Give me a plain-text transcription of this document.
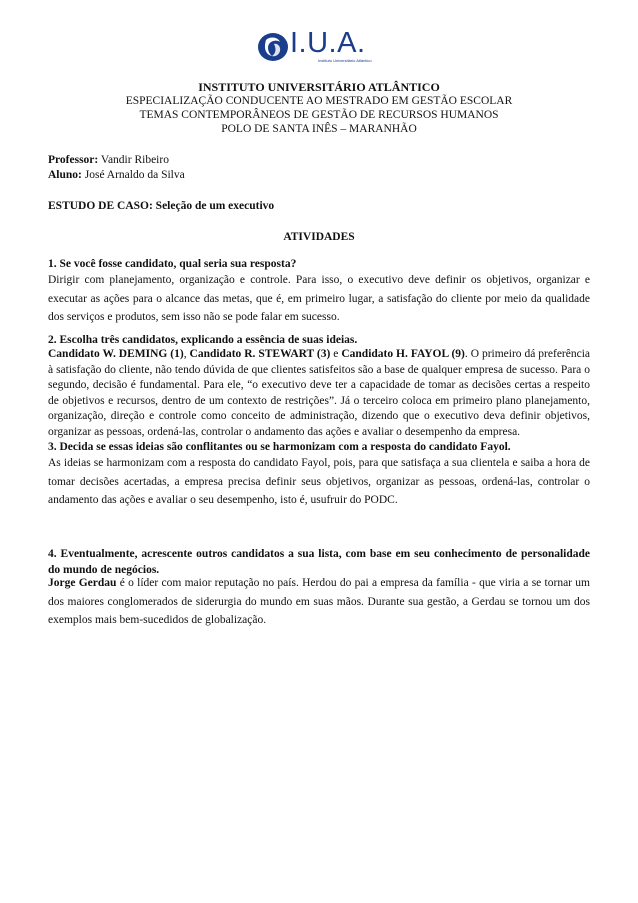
I.U.A.
Instituto Universitário Atlântico
INSTITUTO UNIVERSITÁRIO ATLÂNTICO
ESPECIALIZAÇÃO CONDUCENTE AO MESTRADO EM GESTÃO ESCOLAR
TEMAS CONTEMPORÂNEOS DE GESTÃO DE RECURSOS HUMANOS
POLO DE SANTA INÊS – MARANHÃO
Professor: Vandir Ribeiro
Aluno: José Arnaldo da Silva
ESTUDO DE CASO: Seleção de um executivo
ATIVIDADES
1. Se você fosse candidato, qual seria sua resposta?
Dirigir com planejamento, organização e controle. Para isso, o executivo deve definir os objetivos, organizar e executar as ações para o alcance das metas, que é, em primeiro lugar, a satisfação do cliente por meio da qualidade dos serviços e produtos, sem isso não se pode falar em sucesso.
2. Escolha três candidatos, explicando a essência de suas ideias.
Candidato W. DEMING (1), Candidato R. STEWART (3) e Candidato H. FAYOL (9). O primeiro dá preferência à satisfação do cliente, não tendo dúvida de que clientes satisfeitos são a base de qualquer empresa de sucesso. Para o segundo, decisão é fundamental. Para ele, “o executivo deve ter a capacidade de tomar as decisões certas a respeito de objetivos e recursos, dentro de um contexto de restrições”. Já o terceiro coloca em primeiro plano planejamento, organização, direção e controle como conceito de administração, dizendo que o executivo deva definir objetivos, organizar as pessoas, ordená-las, controlar o andamento das ações e avaliar o desempenho da empresa.
3. Decida se essas ideias são conflitantes ou se harmonizam com a resposta do candidato Fayol.
As ideias se harmonizam com a resposta do candidato Fayol, pois, para que satisfaça a sua clientela e saiba a hora de tomar decisões acertadas, a empresa precisa definir seus objetivos, organizar as pessoas, ordená-las, controlar o andamento das ações e avaliar o seu desempenho, isto é, usufruir do PODC.
4. Eventualmente, acrescente outros candidatos a sua lista, com base em seu conhecimento de personalidade do mundo de negócios.
Jorge Gerdau é o líder com maior reputação no país. Herdou do pai a empresa da família - que viria a se tornar um dos maiores conglomerados de siderurgia do mundo em suas mãos. Durante sua gestão, a Gerdau se tornou um dos exemplos mais bem-sucedidos de globalização.
